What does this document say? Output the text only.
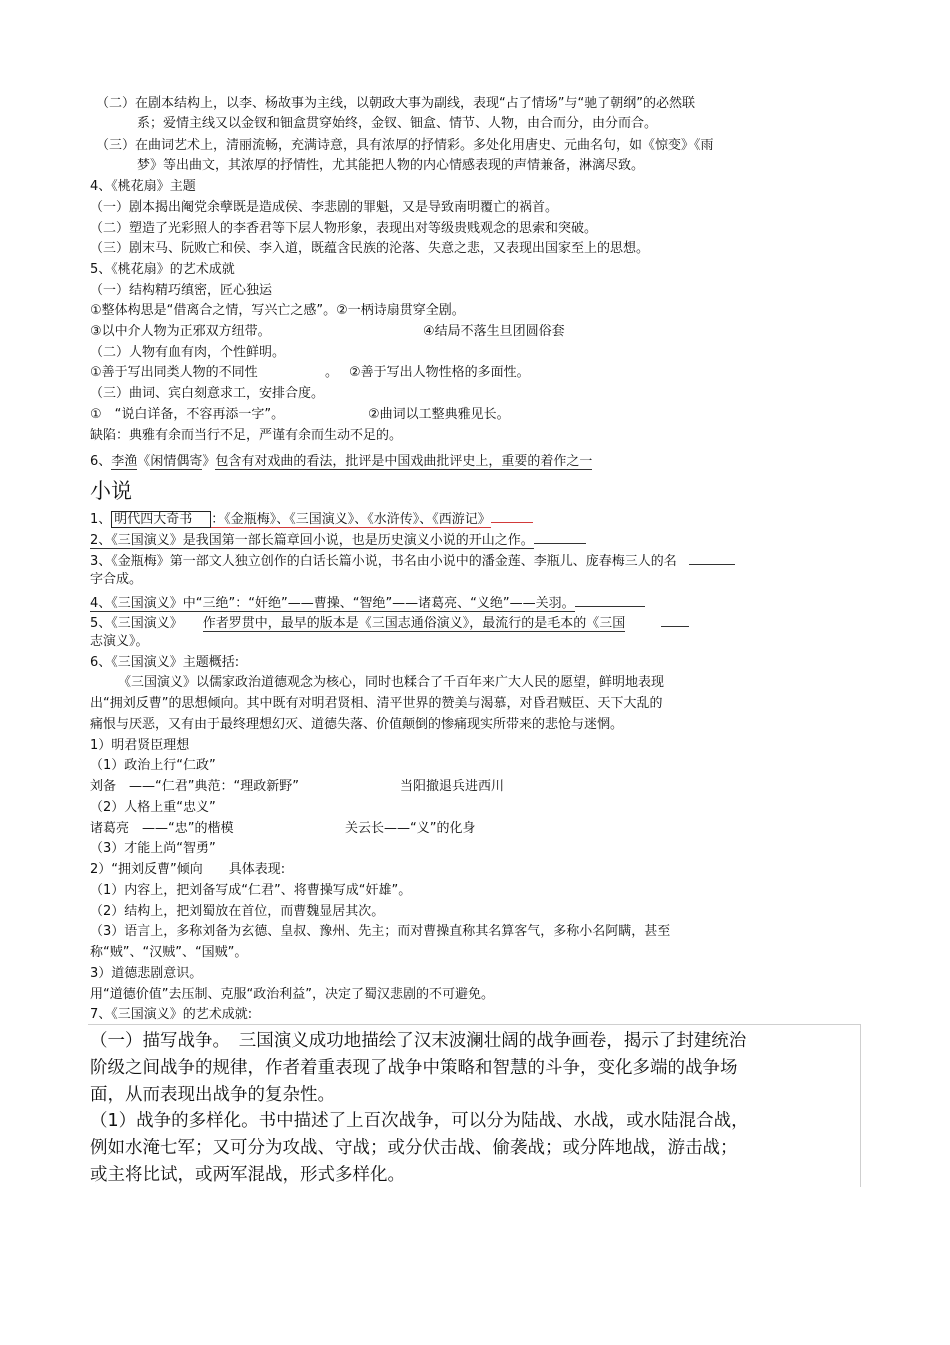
（二）在剧本结构上，以李、杨故事为主线，以朝政大事为副线，表现“占了情场”与“驰了朝纲”的必然联
系；爱情主线又以金钗和钿盒贯穿始终，金钗、钿盒、情节、人物，由合而分，由分而合。
（三）在曲词艺术上，清丽流畅，充满诗意，具有浓厚的抒情彩。多处化用唐史、元曲名句，如《惊变》《雨
梦》等出曲文，其浓厚的抒情性，尤其能把人物的内心情感表现的声情兼备，淋漓尽致。
4、《桃花扇》主题
（一）剧本揭出阉党余孽既是造成侯、李悲剧的罪魁，又是导致南明覆亡的祸首。
（二）塑造了光彩照人的李香君等下层人物形象，表现出对等级贵贱观念的思索和突破。
（三）剧末马、阮败亡和侯、李入道，既蕴含民族的沦落、失意之悲，又表现出国家至上的思想。
5、《桃花扇》的艺术成就
（一）结构精巧缜密，匠心独运
①整体构思是“借离合之情，写兴亡之感”。②一柄诗扇贯穿全剧。
③以中介人物为正邪双方纽带。	④结局不落生旦团圆俗套
（二）人物有血有肉，个性鲜明。
①善于写出同类人物的不同性	。 ②善于写出人物性格的多面性。
（三）曲词、宾白刻意求工，安排合度。
①　“说白详备，不容再添一字”。	②曲词以工整典雅见长。
缺陷：典雅有余而当行不足，严谨有余而生动不足的。
6、李渔《闲情偶寄》包含有对戏曲的看法，批评是中国戏曲批评史上，重要的着作之一
小说
1、 明代四大奇书 ：《金瓶梅》、《三国演义》、《水浒传》、《西游记》
2、《三国演义》是我国第一部长篇章回小说，也是历史演义小说的开山之作。
3、《金瓶梅》第一部文人独立创作的白话长篇小说，书名由小说中的潘金莲、李瓶儿、庞春梅三人的名
字合成。
4、《三国演义》中“三绝”：“奸绝”——曹操、“智绝”——诸葛亮、“义绝”——关羽。
5、《三国演义》 作者罗贯中，最早的版本是《三国志通俗演义》，最流行的是毛本的《三国
志演义》。
6、《三国演义》主题概括:
《三国演义》以儒家政治道德观念为核心，同时也糅合了千百年来广大人民的愿望，鲜明地表现
出“拥刘反曹”的思想倾向。其中既有对明君贤相、清平世界的赞美与渴慕，对昏君贼臣、天下大乱的
痛恨与厌恶，又有由于最终理想幻灭、道德失落、价值颠倒的惨痛现实所带来的悲怆与迷惘。
1）明君贤臣理想
（1）政治上行“仁政”
刘备　——“仁君”典范：“理政新野”	当阳撤退兵进西川
（2）人格上重“忠义”
诸葛亮　——“忠”的楷模	关云长——“义”的化身
（3）才能上尚“智勇”
2）“拥刘反曹”倾向　　具体表现:
（1）内容上，把刘备写成“仁君”、将曹操写成“奸雄”。
（2）结构上，把刘蜀放在首位，而曹魏显居其次。
（3）语言上，多称刘备为玄德、皇叔、豫州、先主；而对曹操直称其名算客气，多称小名阿瞒，甚至
称“贼”、“汉贼”、“国贼”。
3）道德悲剧意识。
用“道德价值”去压制、克服“政治利益”，决定了蜀汉悲剧的不可避免。
7、《三国演义》的艺术成就:
（一）描写战争。　三国演义成功地描绘了汉末波澜壮阔的战争画卷，揭示了封建统治
阶级之间战争的规律，作者着重表现了战争中策略和智慧的斗争，变化多端的战争场
面，从而表现出战争的复杂性。
（1）战争的多样化。书中描述了上百次战争，可以分为陆战、水战，或水陆混合战，
例如水淹七军；又可分为攻战、守战；或分伏击战、偷袭战；或分阵地战，游击战；
或主将比试，或两军混战，形式多样化。
